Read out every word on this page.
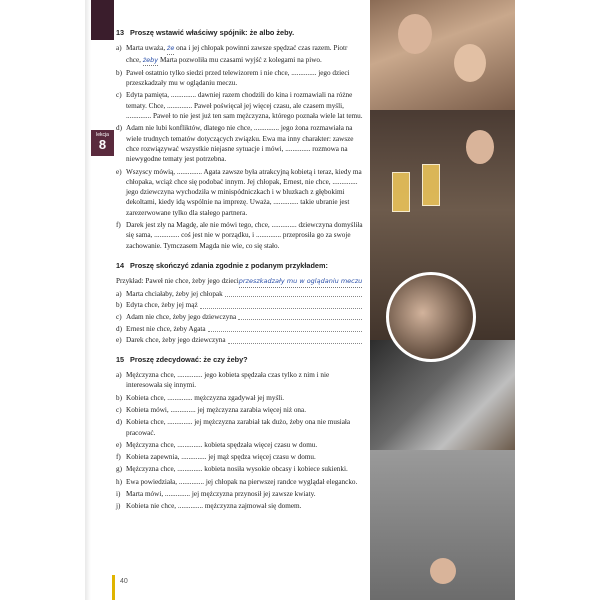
lekcja
8
13 Proszę wstawić właściwy spójnik: że albo żeby.
a) Marta uważa, że ona i jej chłopak powinni zawsze spędzać czas razem. Piotr chce, żeby Marta pozwoliła mu czasami wyjść z kolegami na piwo.
b) Paweł ostatnio tylko siedzi przed telewizorem i nie chce, .............. jego dzieci przeszkadzały mu w oglądaniu meczu.
c) Edyta pamięta, .............. dawniej razem chodzili do kina i rozmawiali na różne tematy. Chce, .............. Paweł poświęcał jej więcej czasu, ale czasem myśli, .............. Paweł to nie jest już ten sam mężczyzna, którego poznała wiele lat temu.
d) Adam nie lubi konfliktów, dlatego nie chce, .............. jego żona rozmawiała na wiele trudnych tematów dotyczących związku. Ewa ma inny charakter: zawsze chce rozwiązywać wszystkie niejasne sytuacje i mówi, .............. rozmowa na niewygodne tematy jest potrzebna.
e) Wszyscy mówią, .............. Agata zawsze była atrakcyjną kobietą i teraz, kiedy ma chłopaka, wciąż chce się podobać innym. Jej chłopak, Ernest, nie chce, .............. jego dziewczyna wychodziła w minispódniczkach i w bluzkach z głębokimi dekoltami, kiedy idą wspólnie na imprezę. Uważa, .............. takie ubranie jest zarezerwowane tylko dla stałego partnera.
f) Darek jest zły na Magdę, ale nie mówi tego, chce, .............. dziewczyna domyśliła się sama, .............. coś jest nie w porządku, i .............. przeprosiła go za swoje zachowanie. Tymczasem Magda nie wie, co się stało.
14 Proszę skończyć zdania zgodnie z podanym przykładem:
Przykład: Paweł nie chce, żeby jego dzieci przeszkadzały mu w oglądaniu meczu
a) Marta chciałaby, żeby jej chłopak
b) Edyta chce, żeby jej mąż
c) Adam nie chce, żeby jego dziewczyna
d) Ernest nie chce, żeby Agata
e) Darek chce, żeby jego dziewczyna
15 Proszę zdecydować: że czy żeby?
a) Mężczyzna chce, .............. jego kobieta spędzała czas tylko z nim i nie interesowała się innymi.
b) Kobieta chce, .............. mężczyzna zgadywał jej myśli.
c) Kobieta mówi, .............. jej mężczyzna zarabia więcej niż ona.
d) Kobieta chce, .............. jej mężczyzna zarabiał tak dużo, żeby ona nie musiała pracować.
e) Mężczyzna chce, .............. kobieta spędzała więcej czasu w domu.
f) Kobieta zapewnia, .............. jej mąż spędza więcej czasu w domu.
g) Mężczyzna chce, .............. kobieta nosiła wysokie obcasy i kobiece sukienki.
h) Ewa powiedziała, .............. jej chłopak na pierwszej randce wyglądał elegancko.
i) Marta mówi, .............. jej mężczyzna przynosił jej zawsze kwiaty.
j) Kobieta nie chce, .............. mężczyzna zajmował się domem.
40
